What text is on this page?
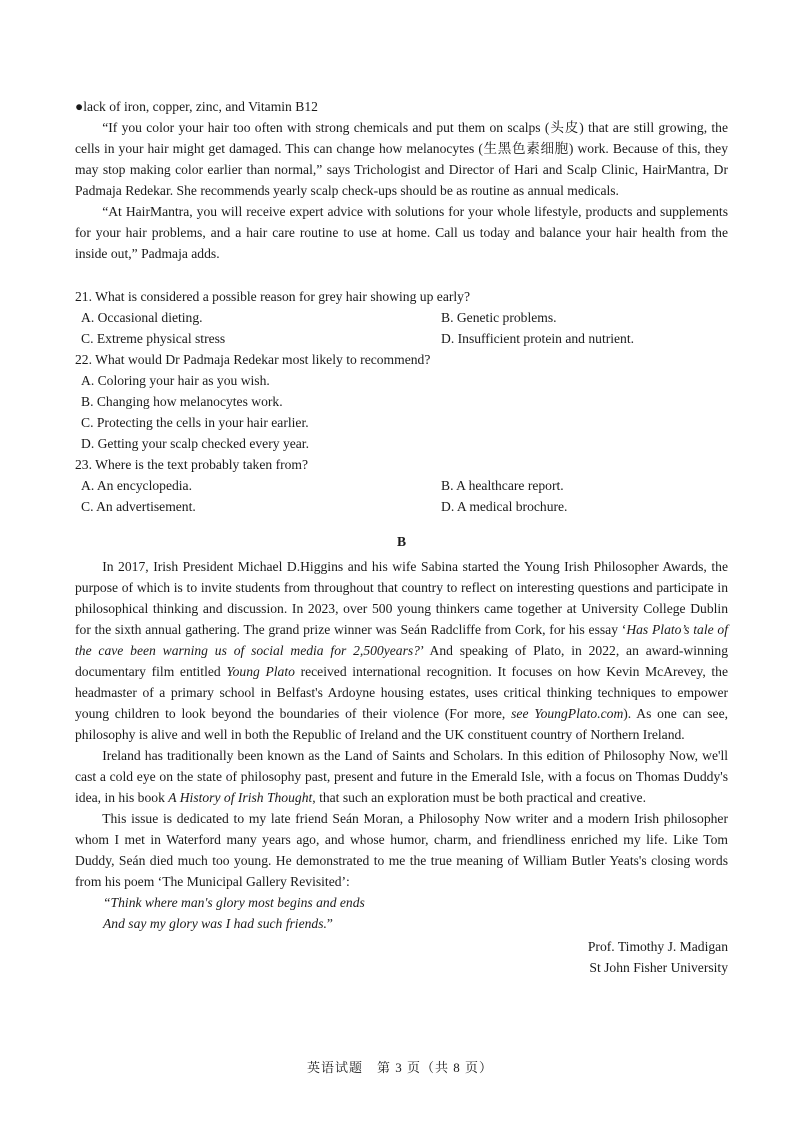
●lack of iron, copper, zinc, and Vitamin B12

“If you color your hair too often with strong chemicals and put them on scalps (头皮) that are still growing, the cells in your hair might get damaged. This can change how melanocytes (生黑色素细胞) work. Because of this, they may stop making color earlier than normal,” says Trichologist and Director of Hari and Scalp Clinic, HairMantra, Dr Padmaja Redekar. She recommends yearly scalp check-ups should be as routine as annual medicals.

“At HairMantra, you will receive expert advice with solutions for your whole lifestyle, products and supplements for your hair problems, and a hair care routine to use at home. Call us today and balance your hair health from the inside out,” Padmaja adds.

21. What is considered a possible reason for grey hair showing up early?

A. Occasional dieting.	B. Genetic problems.
C. Extreme physical stress	D. Insufficient protein and nutrient.

22. What would Dr Padmaja Redekar most likely to recommend?

A. Coloring your hair as you wish.
B. Changing how melanocytes work.
C. Protecting the cells in your hair earlier.
D. Getting your scalp checked every year.

23. Where is the text probably taken from?

A. An encyclopedia.	B. A healthcare report.
C. An advertisement.	D. A medical brochure.
B

In 2017, Irish President Michael D.Higgins and his wife Sabina started the Young Irish Philosopher Awards, the purpose of which is to invite students from throughout that country to reflect on interesting questions and participate in philosophical thinking and discussion. In 2023, over 500 young thinkers came together at University College Dublin for the sixth annual gathering. The grand prize winner was Seán Radcliffe from Cork, for his essay ‘Has Plato’s tale of the cave been warning us of social media for 2,500years?’ And speaking of Plato, in 2022, an award-winning documentary film entitled Young Plato received international recognition. It focuses on how Kevin McArevey, the headmaster of a primary school in Belfast's Ardoyne housing estates, uses critical thinking techniques to empower young children to look beyond the boundaries of their violence (For more, see YoungPlato.com). As one can see, philosophy is alive and well in both the Republic of Ireland and the UK constituent country of Northern Ireland.

Ireland has traditionally been known as the Land of Saints and Scholars. In this edition of Philosophy Now, we'll cast a cold eye on the state of philosophy past, present and future in the Emerald Isle, with a focus on Thomas Duddy's idea, in his book A History of Irish Thought, that such an exploration must be both practical and creative.

This issue is dedicated to my late friend Seán Moran, a Philosophy Now writer and a modern Irish philosopher whom I met in Waterford many years ago, and whose humor, charm, and friendliness enriched my life. Like Tom Duddy, Seán died much too young. He demonstrated to me the true meaning of William Butler Yeats's closing words from his poem ‘The Municipal Gallery Revisited’:

“Think where man's glory most begins and ends
And say my glory was I had such friends.”
Prof. Timothy J. Madigan
St John Fisher University
英语试题　第 3 页（共 8 页）
